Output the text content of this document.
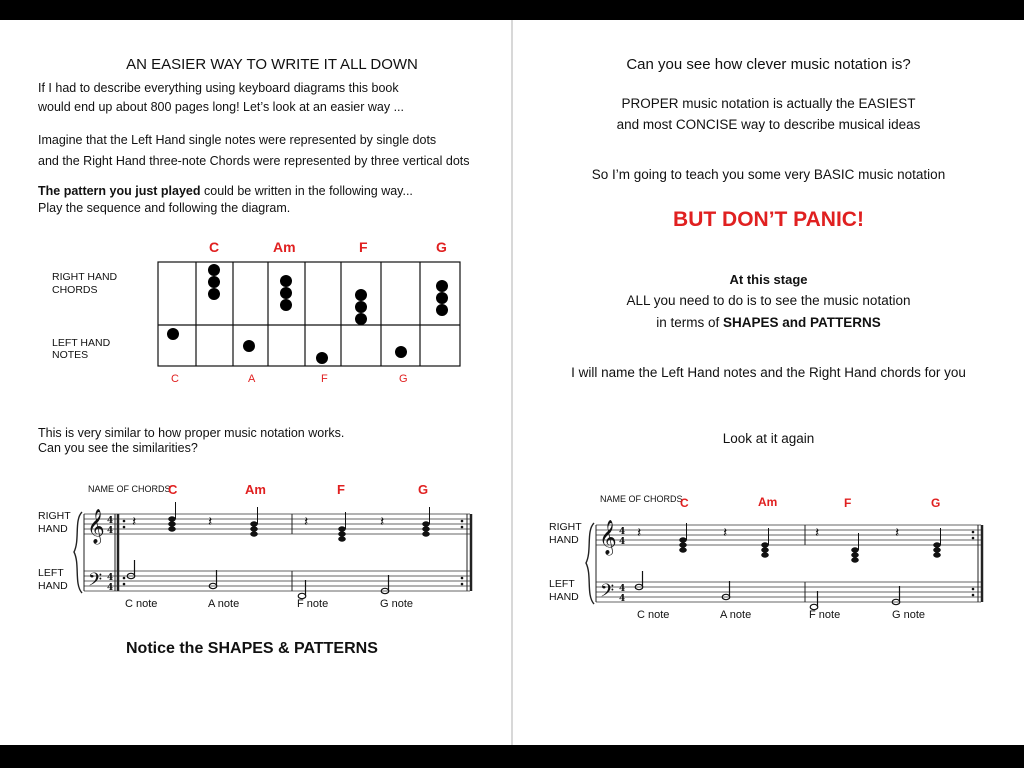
AN EASIER WAY TO WRITE IT ALL DOWN
If I had to describe everything using keyboard diagrams this book
would end up about 800 pages long! Let’s look at an easier way ...
Imagine that the Left Hand single notes were represented by single dots
and the Right Hand three-note Chords were represented by three vertical dots
The pattern you just played could be written in the following way...
Play the sequence and following the diagram.
C	Am	F	G
RIGHT HAND
CHORDS
LEFT HAND
NOTES
C	A	F	G
This is very similar to how proper music notation works.
Can you see the similarities?
NAME OF CHORDS
C	Am	F	G
RIGHT
HAND
LEFT
HAND
𝄞
𝄢
4
4
4
4
𝄽	𝄽	𝄽	𝄽
C note	A note	F note	G note
Notice the SHAPES & PATTERNS
Can you see how clever music notation is?
PROPER music notation is actually the EASIEST
and most CONCISE way to describe musical ideas
So I’m going to teach you some very BASIC music notation
BUT DON’T PANIC!
At this stage
ALL you need to do is to see the music notation
in terms of SHAPES and PATTERNS
I will name the Left Hand notes and the Right Hand chords for you
Look at it again
NAME OF CHORDS
C	Am	F	G
RIGHT
HAND
LEFT
HAND
𝄞
𝄢
4
4
4
4
𝄽	𝄽	𝄽	𝄽
C note	A note	F note	G note
